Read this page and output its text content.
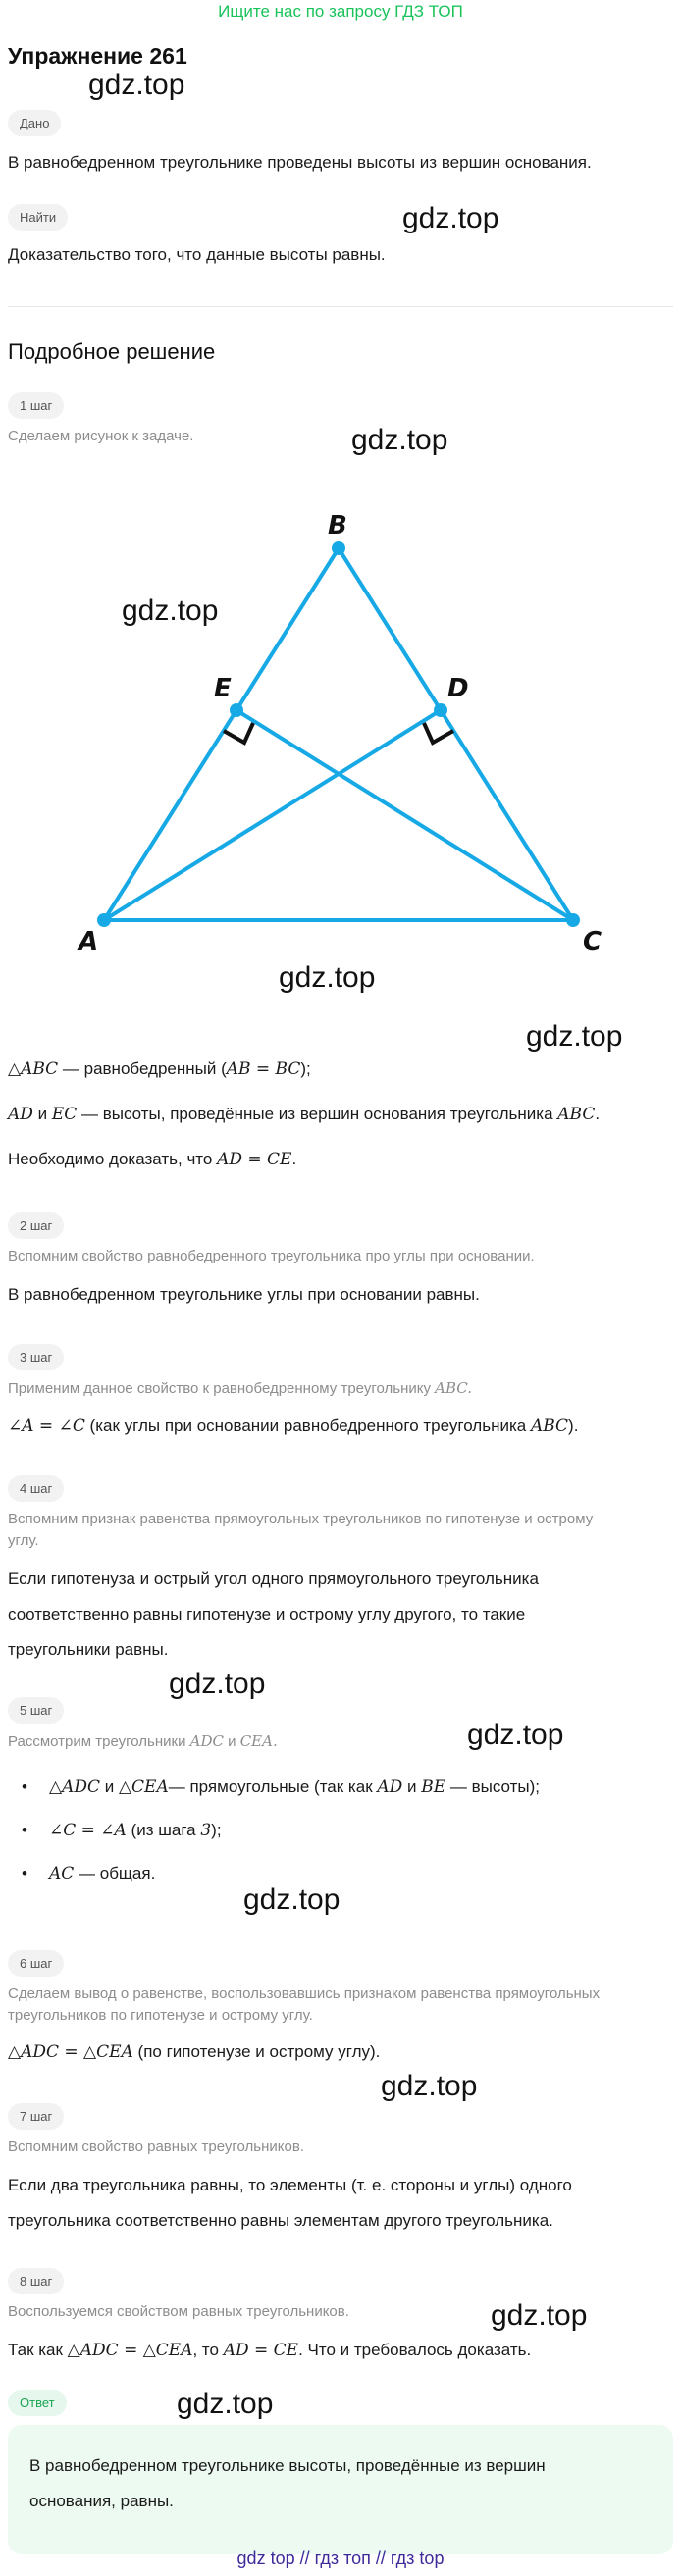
Ищите нас по запросу ГДЗ ТОП
Упражнение 261
gdz.top
gdz.top
gdz.top
gdz.top
gdz.top
gdz.top
gdz.top
gdz.top
gdz.top
gdz.top
gdz.top
gdz.top
Дано
В равнобедренном треугольнике проведены высоты из вершин основания.
Найти
Доказательство того, что данные высоты равны.
Подробное решение
1 шаг
Сделаем рисунок к задаче.
A
B
C
D
E
△ABC — равнобедренный (AB = BC);
AD и EC — высоты, проведённые из вершин основания треугольника ABC.
Необходимо доказать, что AD = CE.
2 шаг
Вспомним свойство равнобедренного треугольника про углы при основании.
В равнобедренном треугольнике углы при основании равны.
3 шаг
Применим данное свойство к равнобедренному треугольнику ABC.
∠A = ∠C (как углы при основании равнобедренного треугольника ABC).
4 шаг
Вспомним признак равенства прямоугольных треугольников по гипотенузе и острому
углу.
Если гипотенуза и острый угол одного прямоугольного треугольника
соответственно равны гипотенузе и острому углу другого, то такие
треугольники равны.
5 шаг
Рассмотрим треугольники ADC и CEA.
• △ADC и △CEA— прямоугольные (так как AD и BE — высоты);
• ∠C = ∠A (из шага 3);
• AC — общая.
6 шаг
Сделаем вывод о равенстве, воспользовавшись признаком равенства прямоугольных
треугольников по гипотенузе и острому углу.
△ADC = △CEA (по гипотенузе и острому углу).
7 шаг
Вспомним свойство равных треугольников.
Если два треугольника равны, то элементы (т. е. стороны и углы) одного
треугольника соответственно равны элементам другого треугольника.
8 шаг
Воспользуемся свойством равных треугольников.
Так как △ADC = △CEA, то AD = CE. Что и требовалось доказать.
Ответ
В равнобедренном треугольнике высоты, проведённые из вершин
основания, равны.
gdz top // гдз топ // гдз top
